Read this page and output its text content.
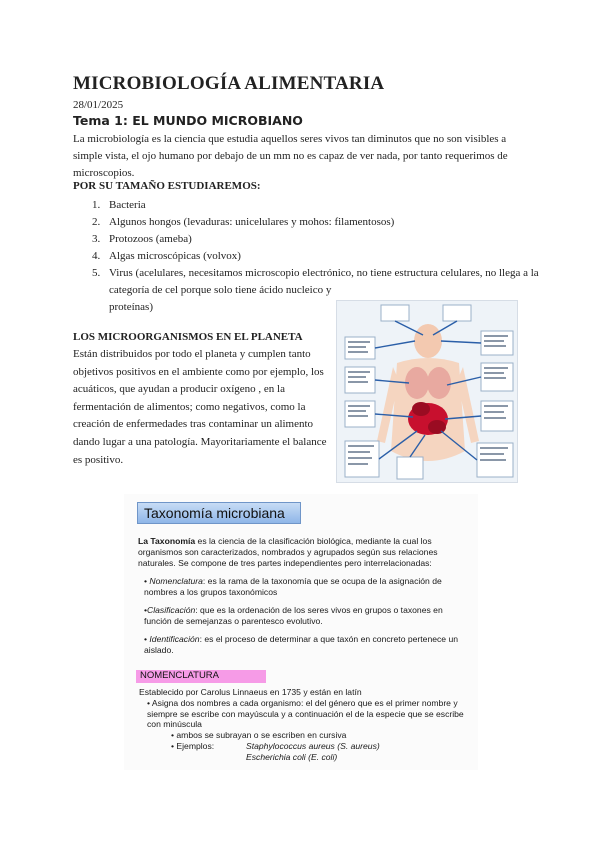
MICROBIOLOGÍA ALIMENTARIA
28/01/2025
Tema 1: EL MUNDO MICROBIANO
La microbiología es la ciencia que estudia aquellos seres vivos tan diminutos que no son visibles a simple vista, el ojo humano por debajo de un mm no es capaz de ver nada, por tanto requerimos de microscopios.
POR SU TAMAÑO ESTUDIAREMOS:
1. Bacteria
2. Algunos hongos (levaduras: unicelulares y mohos: filamentosos)
3. Protozoos (ameba)
4. Algas microscópicas (volvox)
5. Virus (acelulares, necesitamos microscopio electrónico, no tiene estructura celulares, no llega a la
categoría de cel porque solo tiene ácido nucleico y
proteínas)
LOS MICROORGANISMOS EN EL PLANETA
Están distribuidos por todo el planeta y cumplen tanto objetivos positivos en el ambiente como por ejemplo, los acuáticos, que ayudan a producir oxígeno , en la fermentación de alimentos; como negativos, como la creación de enfermedades tras contaminar un alimento dando lugar a una patología. Mayoritariamente el balance es positivo.
Taxonomía microbiana

La Taxonomía es la ciencia de la clasificación biológica, mediante la cual los organismos son caracterizados, nombrados y agrupados según sus relaciones naturales. Se compone de tres partes independientes pero interrelacionadas:

• Nomenclatura: es la rama de la taxonomía que se ocupa de la asignación de nombres a los grupos taxonómicos

•Clasificación: que es la ordenación de los seres vivos en grupos o taxones en función de semejanzas o parentesco evolutivo.

• Identificación: es el proceso de determinar a que taxón en concreto pertenece un aislado.

NOMENCLATURA
Establecido por Carolus Linnaeus en 1735 y están en latín
• Asigna dos nombres a cada organismo: el del género que es el primer nombre y siempre se escribe con mayúscula y a continuación el de la especie que se escribe con minúscula
• ambos se subrayan o se escriben en cursiva
• Ejemplos:	Staphylococcus aureus (S. aureus)
Escherichia coli (E. coli)
